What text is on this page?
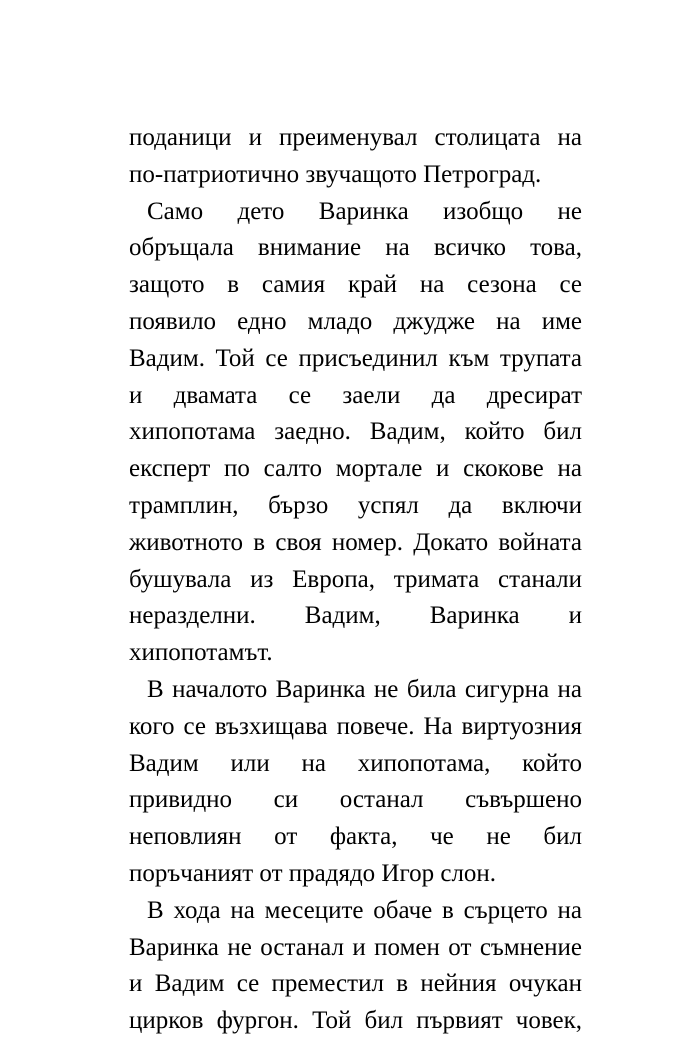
поданици и преименувал столицата на
по-патриотично звучащото Петроград.
Само дето Варинка изобщо не
обръщала внимание на всичко това,
защото в самия край на сезона се
появило едно младо джудже на име
Вадим. Той се присъединил към трупата
и двамата се заели да дресират
хипопотама заедно. Вадим, който бил
експерт по салто мортале и скокове на
трамплин, бързо успял да включи
животното в своя номер. Докато войната
бушувала из Европа, тримата станали
неразделни. Вадим, Варинка и
хипопотамът.
В началото Варинка не била сигурна на
кого се възхищава повече. На виртуозния
Вадим или на хипопотама, който
привидно си останал съвършено
неповлиян от факта, че не бил
поръчаният от прадядо Игор слон.
В хода на месеците обаче в сърцето на
Варинка не останал и помен от съмнение
и Вадим се преместил в нейния очукан
цирков фургон. Той бил първият човек,
